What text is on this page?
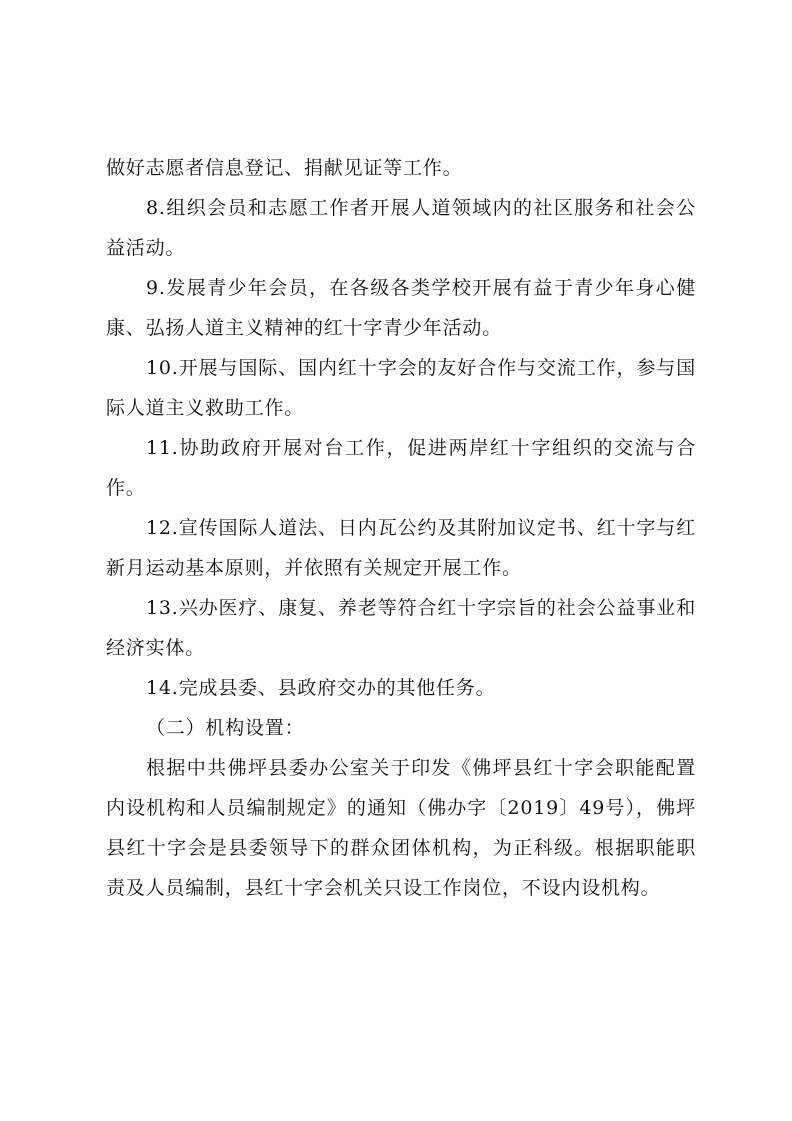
做好志愿者信息登记、捐献见证等工作。

8.组织会员和志愿工作者开展人道领域内的社区服务和社会公益活动。

9.发展青少年会员，在各级各类学校开展有益于青少年身心健康、弘扬人道主义精神的红十字青少年活动。

10.开展与国际、国内红十字会的友好合作与交流工作，参与国际人道主义救助工作。

11.协助政府开展对台工作，促进两岸红十字组织的交流与合作。

12.宣传国际人道法、日内瓦公约及其附加议定书、红十字与红新月运动基本原则，并依照有关规定开展工作。

13.兴办医疗、康复、养老等符合红十字宗旨的社会公益事业和经济实体。

14.完成县委、县政府交办的其他任务。

（二）机构设置：

根据中共佛坪县委办公室关于印发《佛坪县红十字会职能配置内设机构和人员编制规定》的通知（佛办字〔2019〕49号），佛坪县红十字会是县委领导下的群众团体机构，为正科级。根据职能职责及人员编制，县红十字会机关只设工作岗位，不设内设机构。
